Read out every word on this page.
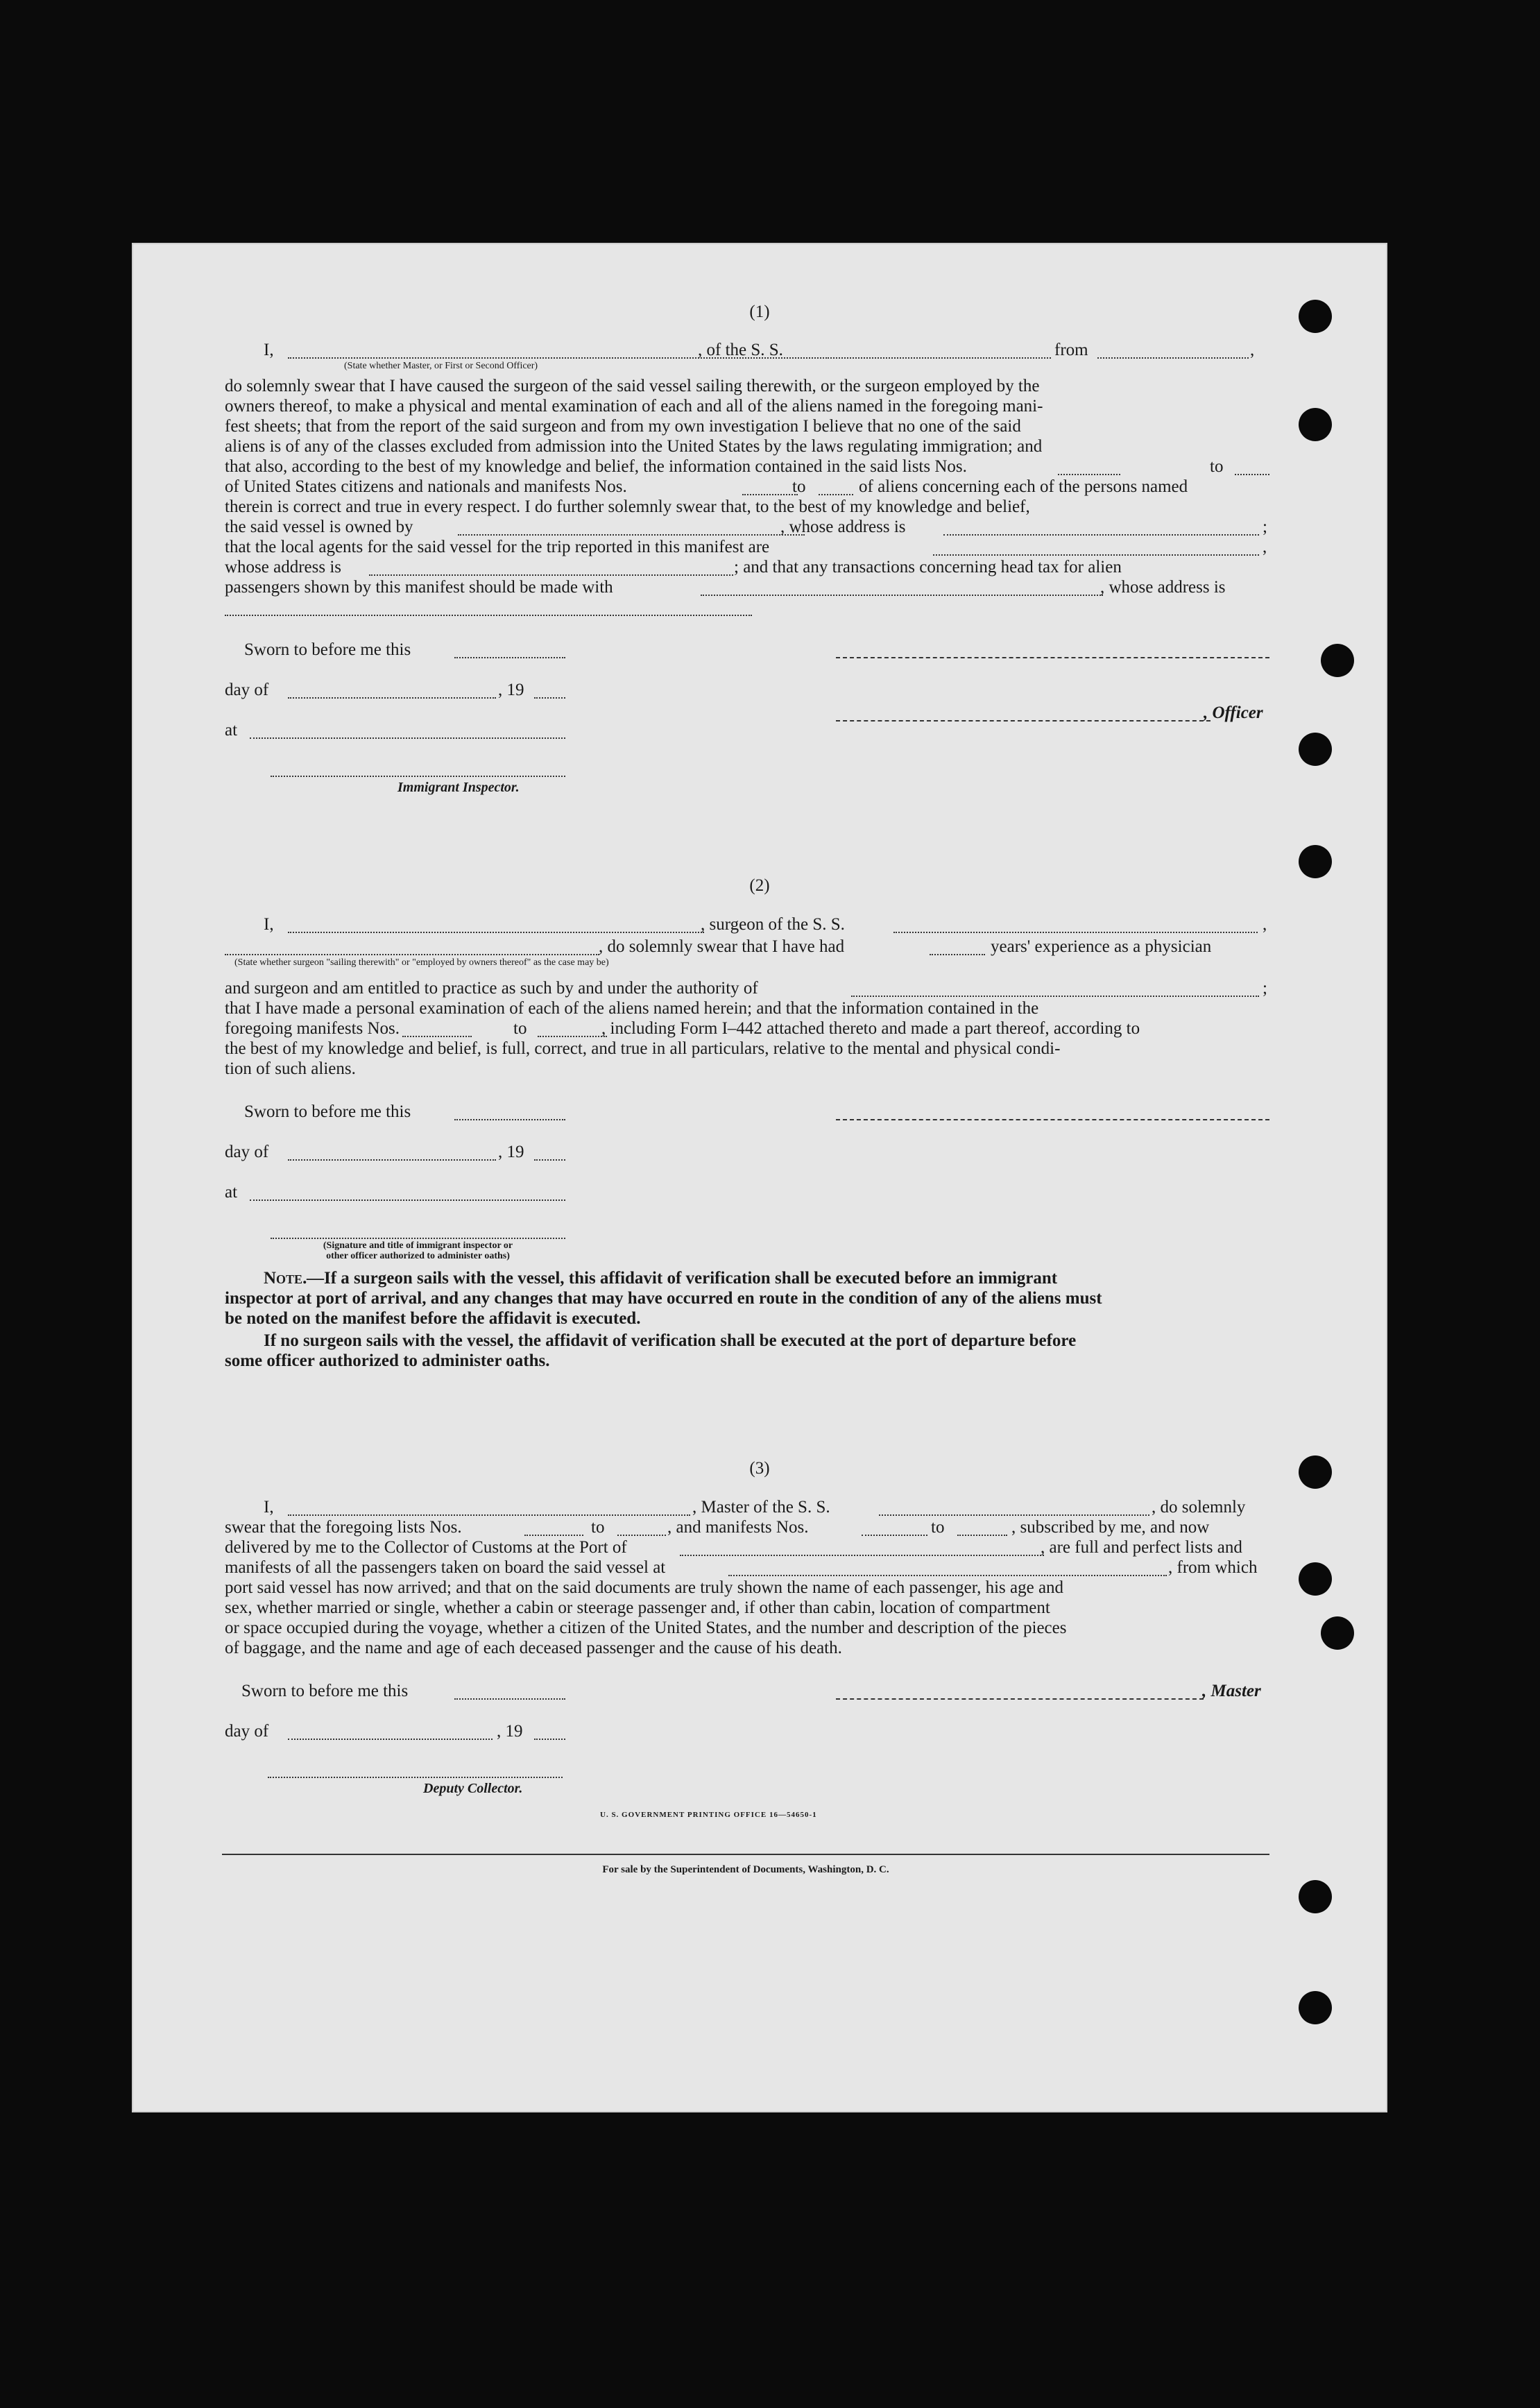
(1)
I,	, of the S. S.	from	,
(State whether Master, or First or Second Officer)
do solemnly swear that I have caused the surgeon of the said vessel sailing therewith, or the surgeon employed by the
owners thereof, to make a physical and mental examination of each and all of the aliens named in the foregoing mani-
fest sheets; that from the report of the said surgeon and from my own investigation I believe that no one of the said
aliens is of any of the classes excluded from admission into the United States by the laws regulating immigration; and
that also, according to the best of my knowledge and belief, the information contained in the said lists Nos.	to
of United States citizens and nationals and manifests Nos.	to	of aliens concerning each of the persons named
therein is correct and true in every respect. I do further solemnly swear that, to the best of my knowledge and belief,
the said vessel is owned by	, whose address is	;
that the local agents for the said vessel for the trip reported in this manifest are	,
whose address is	; and that any transactions concerning head tax for alien
passengers shown by this manifest should be made with	, whose address is
Sworn to before me this
day of	, 19
, Officer
at
Immigrant Inspector.
(2)
I,	, surgeon of the S. S.	,
, do solemnly swear that I have had	years' experience as a physician
(State whether surgeon "sailing therewith" or "employed by owners thereof" as the case may be)
and surgeon and am entitled to practice as such by and under the authority of	;
that I have made a personal examination of each of the aliens named herein; and that the information contained in the
foregoing manifests Nos.	to	, including Form I–442 attached thereto and made a part thereof, according to
the best of my knowledge and belief, is full, correct, and true in all particulars, relative to the mental and physical condi-
tion of such aliens.
Sworn to before me this
day of	, 19
at
(Signature and title of immigrant inspector or
other officer authorized to administer oaths)
Note. —If a surgeon sails with the vessel, this affidavit of verification shall be executed before an immigrant
inspector at port of arrival, and any changes that may have occurred en route in the condition of any of the aliens must
be noted on the manifest before the affidavit is executed.
If no surgeon sails with the vessel, the affidavit of verification shall be executed at the port of departure before
some officer authorized to administer oaths.
(3)
I,	, Master of the S. S.	, do solemnly
swear that the foregoing lists Nos.	to	, and manifests Nos.	to	, subscribed by me, and now
delivered by me to the Collector of Customs at the Port of	, are full and perfect lists and
manifests of all the passengers taken on board the said vessel at	, from which
port said vessel has now arrived; and that on the said documents are truly shown the name of each passenger, his age and
sex, whether married or single, whether a cabin or steerage passenger and, if other than cabin, location of compartment
or space occupied during the voyage, whether a citizen of the United States, and the number and description of the pieces
of baggage, and the name and age of each deceased passenger and the cause of his death.
Sworn to before me this	, Master
day of	, 19
Deputy Collector.
U. S. GOVERNMENT PRINTING OFFICE 16—54650-1
For sale by the Superintendent of Documents, Washington, D. C.
